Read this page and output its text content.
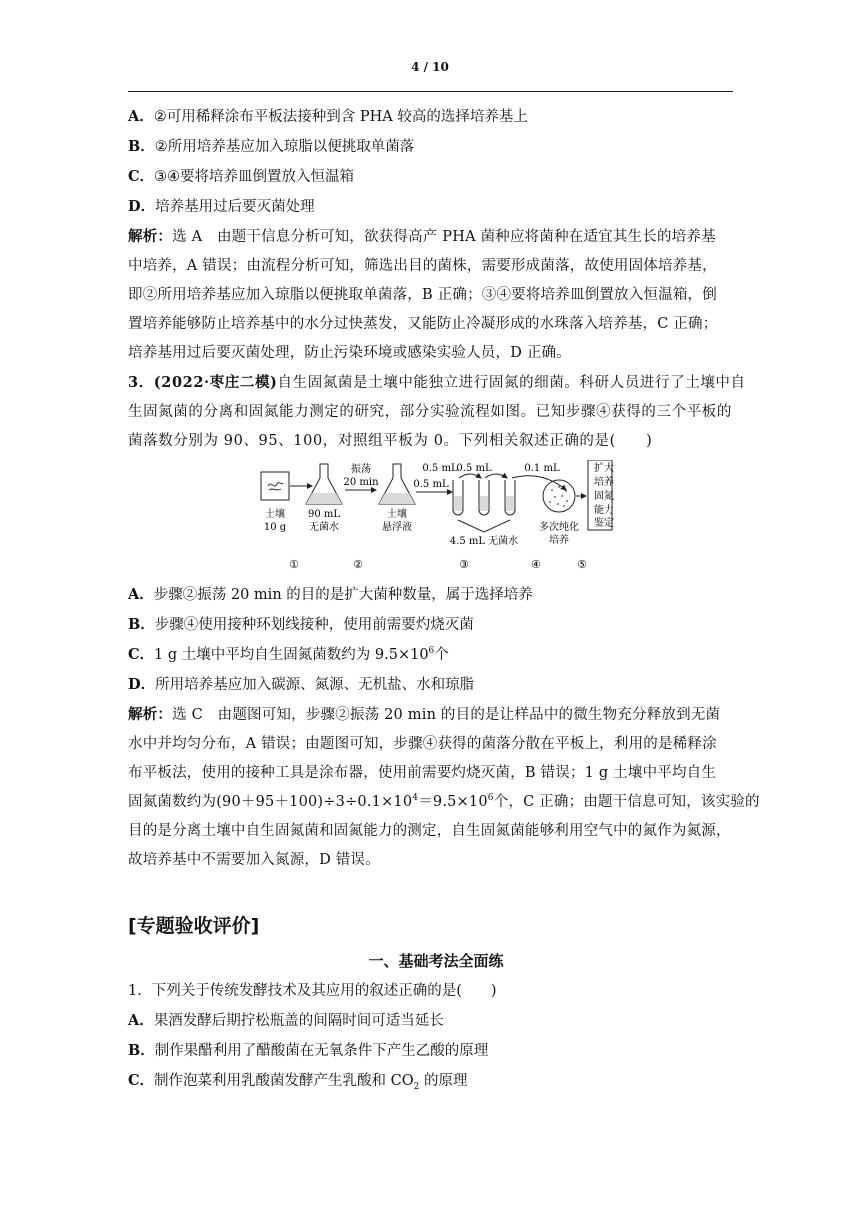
4 / 10
A．②可用稀释涂布平板法接种到含 PHA 较高的选择培养基上
B．②所用培养基应加入琼脂以便挑取单菌落
C．③④要将培养皿倒置放入恒温箱
D．培养基用过后要灭菌处理
解析：选 A　由题干信息分析可知，欲获得高产 PHA 菌种应将菌种在适宜其生长的培养基
中培养，A 错误；由流程分析可知，筛选出目的菌株，需要形成菌落，故使用固体培养基，
即②所用培养基应加入琼脂以便挑取单菌落，B 正确；③④要将培养皿倒置放入恒温箱，倒
置培养能够防止培养基中的水分过快蒸发，又能防止冷凝形成的水珠落入培养基，C 正确；
培养基用过后要灭菌处理，防止污染环境或感染实验人员，D 正确。
3．(2022·枣庄二模)自生固氮菌是土壤中能独立进行固氮的细菌。科研人员进行了土壤中自
生固氮菌的分离和固氮能力测定的研究，部分实验流程如图。已知步骤④获得的三个平板的
菌落数分别为 90、95、100，对照组平板为 0。下列相关叙述正确的是(　　)
土壤
10 g
90 mL
无菌水
振荡
20 min
土壤
悬浮液
0.5 mL
0.5 mL
0.5 mL
4.5 mL 无菌水
0.1 mL
多次纯化
培养
扩 大
培 养
固 氮
能 力
鉴 定
①	②	③	④	⑤
A．步骤②振荡 20 min 的目的是扩大菌种数量，属于选择培养
B．步骤④使用接种环划线接种，使用前需要灼烧灭菌
C．1 g 土壤中平均自生固氮菌数约为 $9.5\times 10^6$个
D．所用培养基应加入碳源、氮源、无机盐、水和琼脂
解析：选 C　由题图可知，步骤②振荡 20 min 的目的是让样品中的微生物充分释放到无菌
水中并均匀分布，A 错误；由题图可知，步骤④获得的菌落分散在平板上，利用的是稀释涂
布平板法，使用的接种工具是涂布器，使用前需要灼烧灭菌，B 错误；1 g 土壤中平均自生
固氮菌数约为$(90+95+100)\div 3\div 0.1\times 10^4=9.5\times 10^6$个，C 正确；由题干信息可知，该实验的
目的是分离土壤中自生固氮菌和固氮能力的测定，自生固氮菌能够利用空气中的氮作为氮源，
故培养基中不需要加入氮源，D 错误。
[专题验收评价]
一、基础考法全面练
1．下列关于传统发酵技术及其应用的叙述正确的是(　　)
A．果酒发酵后期拧松瓶盖的间隔时间可适当延长
B．制作果醋利用了醋酸菌在无氧条件下产生乙酸的原理
C．制作泡菜利用乳酸菌发酵产生乳酸和 $CO_2$ 的原理
